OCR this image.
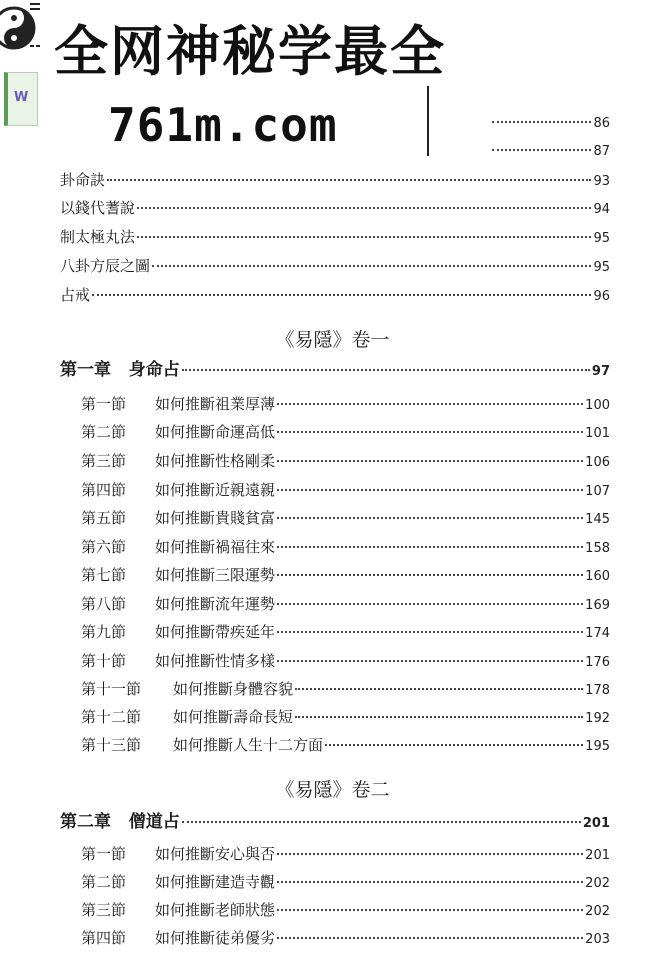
W
全网神秘学最全
761m.com	86
87
卦命訣	93
以錢代蓍說	94
制太極丸法	95
八卦方辰之圖	95
占戒	96
《易隱》卷一
第一章 身命占	97
第一節 如何推斷祖業厚薄	100
第二節 如何推斷命運高低	101
第三節 如何推斷性格剛柔	106
第四節 如何推斷近親遠親	107
第五節 如何推斷貴賤貧富	145
第六節 如何推斷禍福往來	158
第七節 如何推斷三限運勢	160
第八節 如何推斷流年運勢	169
第九節 如何推斷帶疾延年	174
第十節 如何推斷性情多樣	176
第十一節 如何推斷身體容貌	178
第十二節 如何推斷壽命長短	192
第十三節 如何推斷人生十二方面	195
《易隱》卷二
第二章 僧道占	201
第一節 如何推斷安心與否	201
第二節 如何推斷建造寺觀	202
第三節 如何推斷老師狀態	202
第四節 如何推斷徒弟優劣	203
